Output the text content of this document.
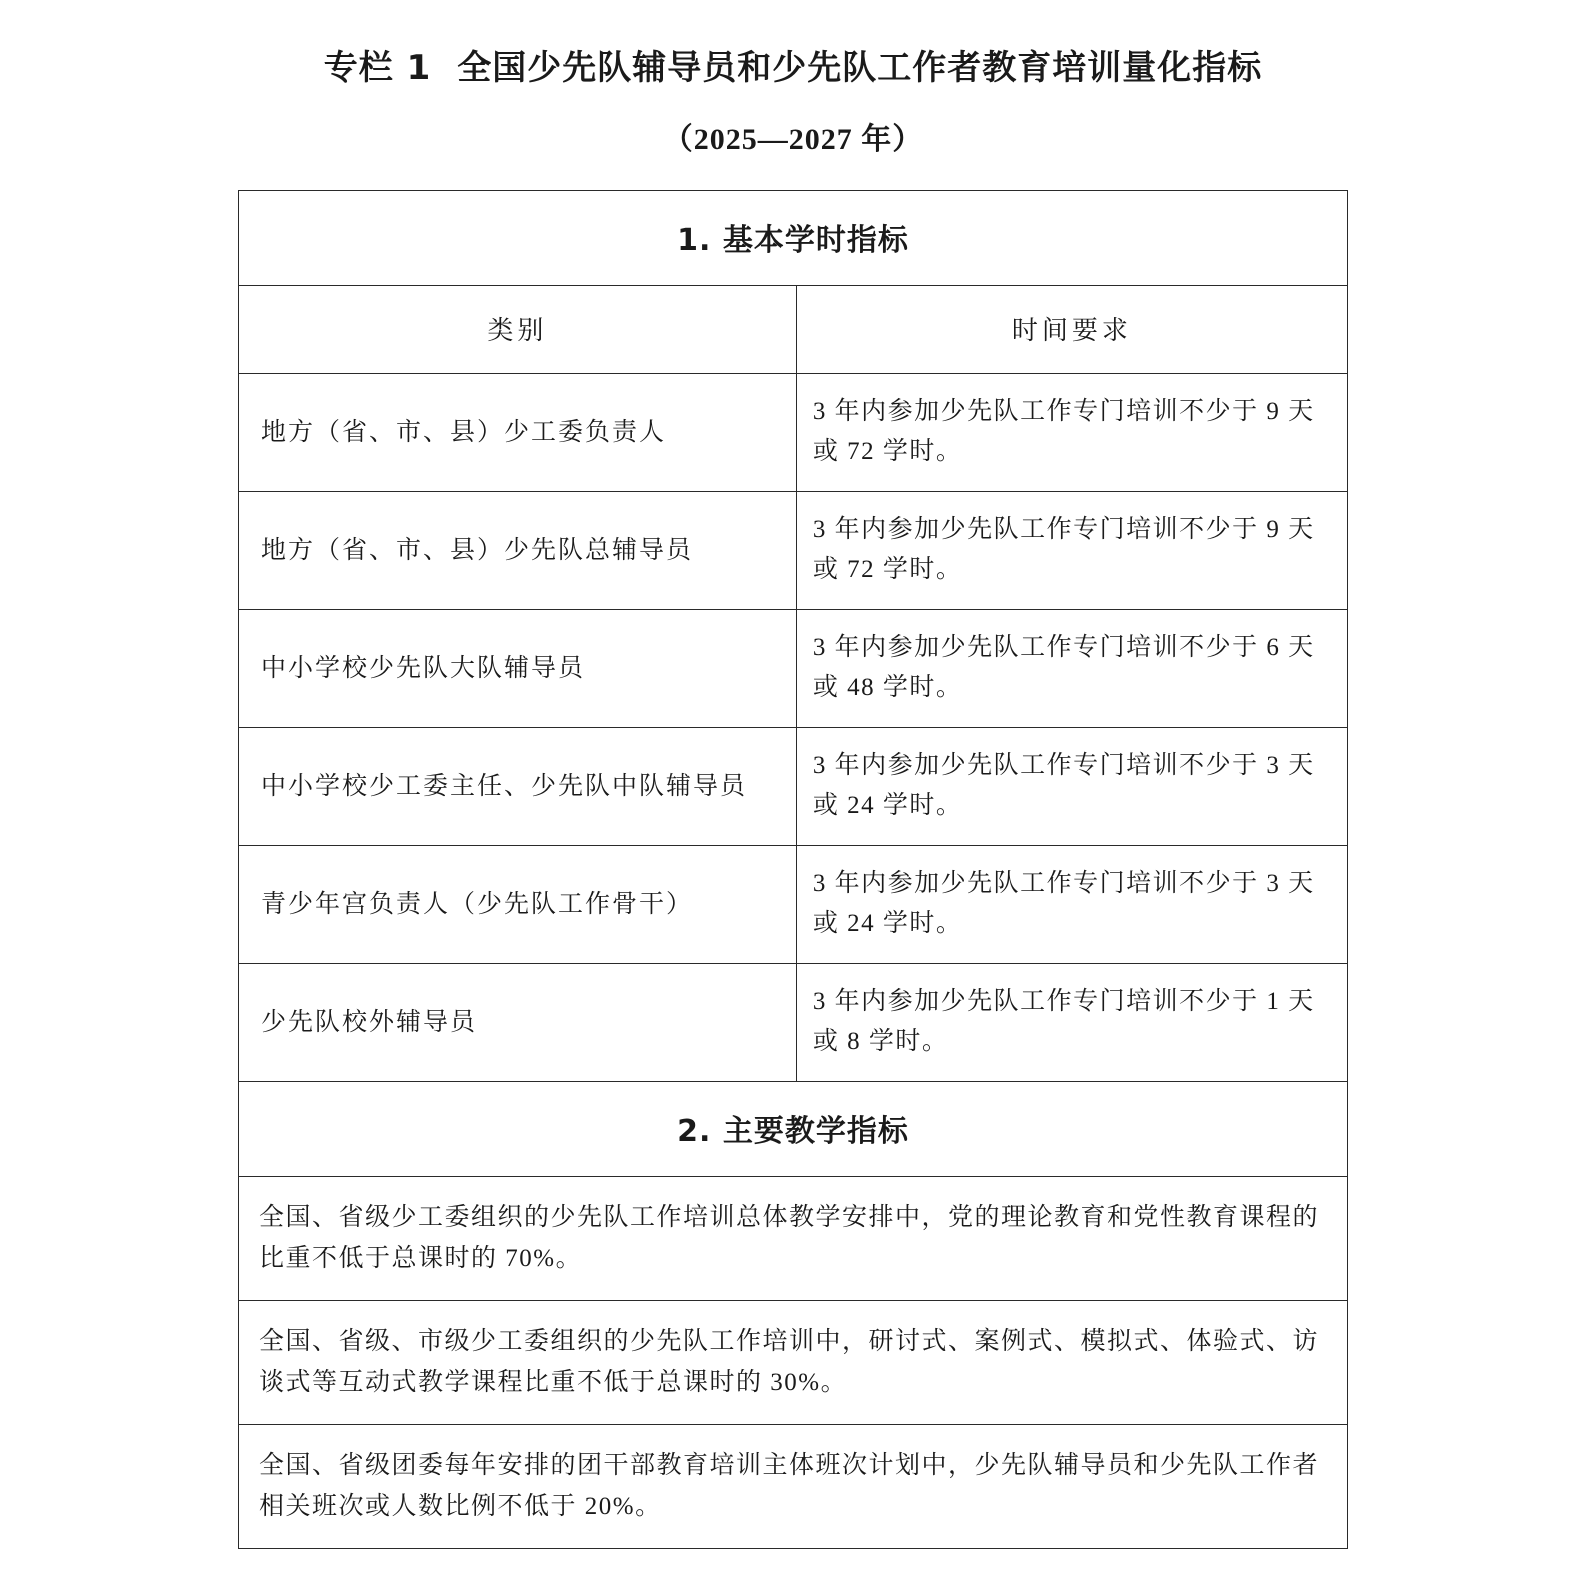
专栏 1 全国少先队辅导员和少先队工作者教育培训量化指标
（2025—2027 年）
1. 基本学时指标	
类别	时间要求
地方（省、市、县）少工委负责人	3 年内参加少先队工作专门培训不少于 9 天或 72 学时。
地方（省、市、县）少先队总辅导员	3 年内参加少先队工作专门培训不少于 9 天或 72 学时。
中小学校少先队大队辅导员	3 年内参加少先队工作专门培训不少于 6 天或 48 学时。
中小学校少工委主任、少先队中队辅导员	3 年内参加少先队工作专门培训不少于 3 天或 24 学时。
青少年宫负责人（少先队工作骨干）	3 年内参加少先队工作专门培训不少于 3 天或 24 学时。
少先队校外辅导员	3 年内参加少先队工作专门培训不少于 1 天或 8 学时。
2. 主要教学指标	
全国、省级少工委组织的少先队工作培训总体教学安排中，党的理论教育和党性教育课程的比重不低于总课时的 70%。	
全国、省级、市级少工委组织的少先队工作培训中，研讨式、案例式、模拟式、体验式、访谈式等互动式教学课程比重不低于总课时的 30%。	
全国、省级团委每年安排的团干部教育培训主体班次计划中，少先队辅导员和少先队工作者相关班次或人数比例不低于 20%。	
